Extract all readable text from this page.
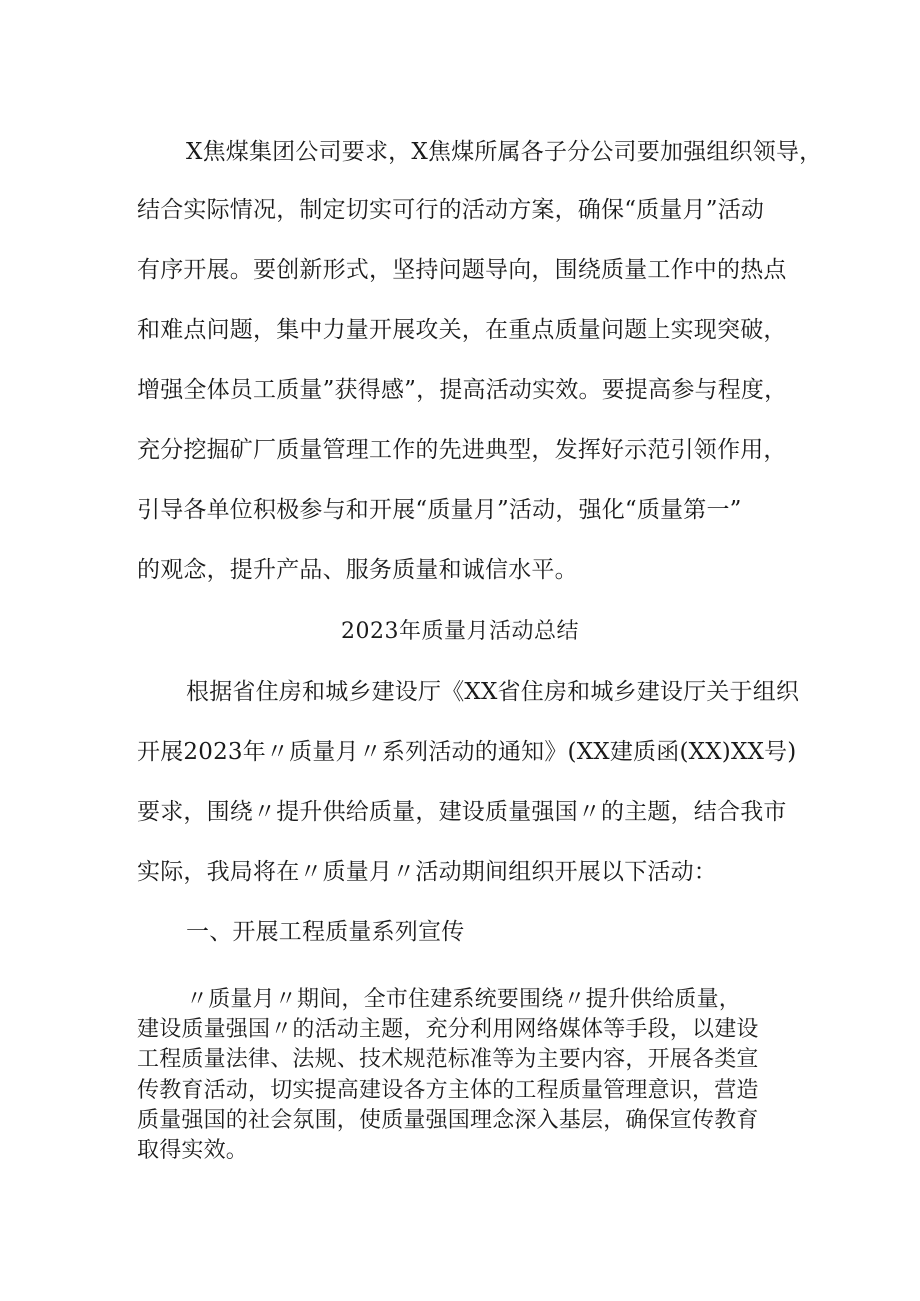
X焦煤集团公司要求，X焦煤所属各子分公司要加强组织领导，
结合实际情况，制定切实可行的活动方案，确保“质量月”活动
有序开展。要创新形式，坚持问题导向，围绕质量工作中的热点
和难点问题，集中力量开展攻关，在重点质量问题上实现突破，
增强全体员工质量”获得感”，提高活动实效。要提高参与程度，
充分挖掘矿厂质量管理工作的先进典型，发挥好示范引领作用，
引导各单位积极参与和开展“质量月”活动，强化“质量第一”
的观念，提升产品、服务质量和诚信水平。
2023年质量月活动总结
根据省住房和城乡建设厅《XX省住房和城乡建设厅关于组织
开展2023年〃质量月〃系列活动的通知》(XX建质函(XX)XX号)
要求，围绕〃提升供给质量，建设质量强国〃的主题，结合我市
实际，我局将在〃质量月〃活动期间组织开展以下活动：
一、开展工程质量系列宣传
〃质量月〃期间，全市住建系统要围绕〃提升供给质量，
建设质量强国〃的活动主题，充分利用网络媒体等手段，以建设
工程质量法律、法规、技术规范标准等为主要内容，开展各类宣
传教育活动，切实提高建设各方主体的工程质量管理意识，营造
质量强国的社会氛围，使质量强国理念深入基层，确保宣传教育
取得实效。
